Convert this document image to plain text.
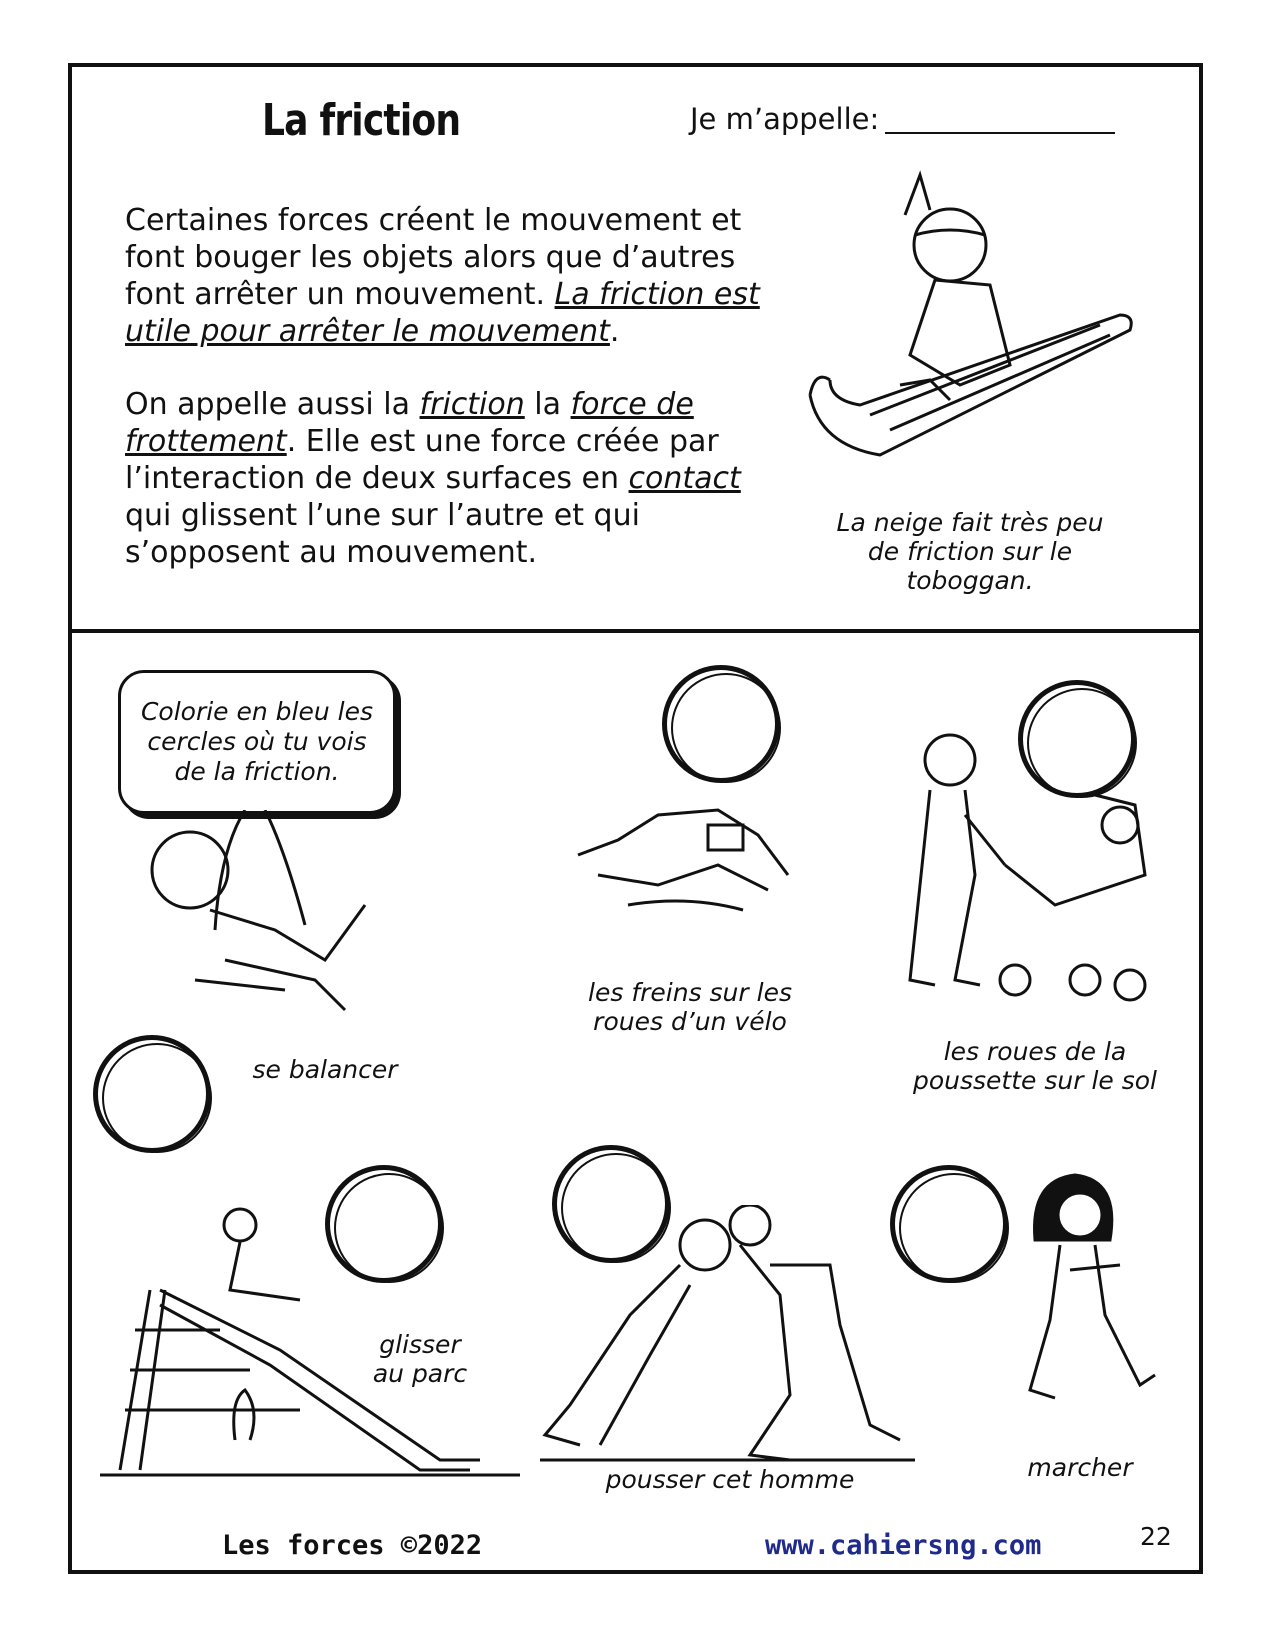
La friction	Je m’appelle:

Certaines forces créent le mouvement et font bouger les objets alors que d’autres font arrêter un mouvement. La friction est utile pour arrêter le mouvement.

On appelle aussi la friction la force de frottement. Elle est une force créée par l’interaction de deux surfaces en contact qui glissent l’une sur l’autre et qui s’opposent au mouvement.

La neige fait très peu de friction sur le toboggan.
Colorie en bleu les cercles où tu vois de la friction.
se balancer
les freins sur les roues d’un vélo
les roues de la poussette sur le sol
glisser au parc
pousser cet homme	marcher
Les forces ©2022	www.cahiersng.com	22
